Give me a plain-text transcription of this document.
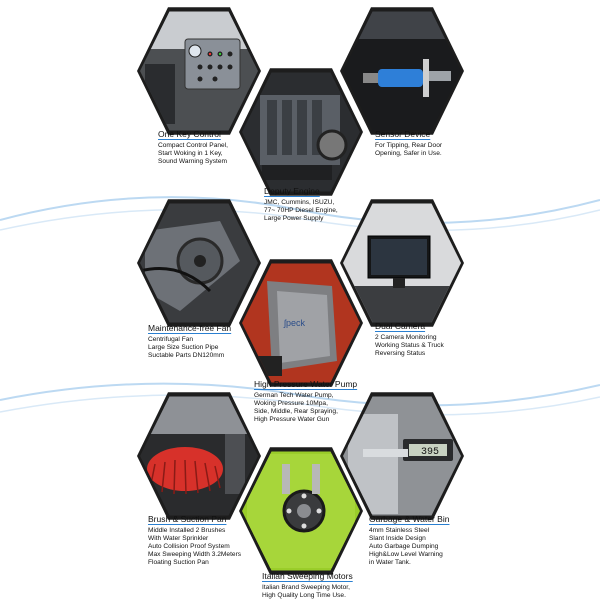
One Key Control
Compact Control Panel,
Start Woking in 1 Key,
Sound Warning System
Deputy Engine
JMC, Cummins, ISUZU,
77~ 70HP Diesel Engine,
Large Power Supply
Sensor Device
For Tipping, Rear Door
Opening, Safer in Use.
ʃpeck
Maintenance-free Fan
Centrifugal Fan
Large Size Suction Pipe
Suctable Parts DN120mm
High Pressure Water Pump
German Tech Water Pump,
Woking Pressure 10Mpa,
Side, Middle, Rear Spraying,
High Pressure Water Gun
Dual Camera
2 Camera Monitoring
Working Status & Truck
Reversing Status
395
Brush & Suction Pan
Middle Installed 2 Brushes
With Water Sprinkler
Auto Collision Proof System
Max Sweeping Width 3.2Meters
Floating Suction Pan
Italian Sweeping Motors
Italian Brand Sweeping Motor,
High Quality Long Time Use.
Garbage & Water Bin
4mm Stainless Steel
Slant Inside Design
Auto Garbage Dumping
High&Low Level Warning
in Water Tank.
